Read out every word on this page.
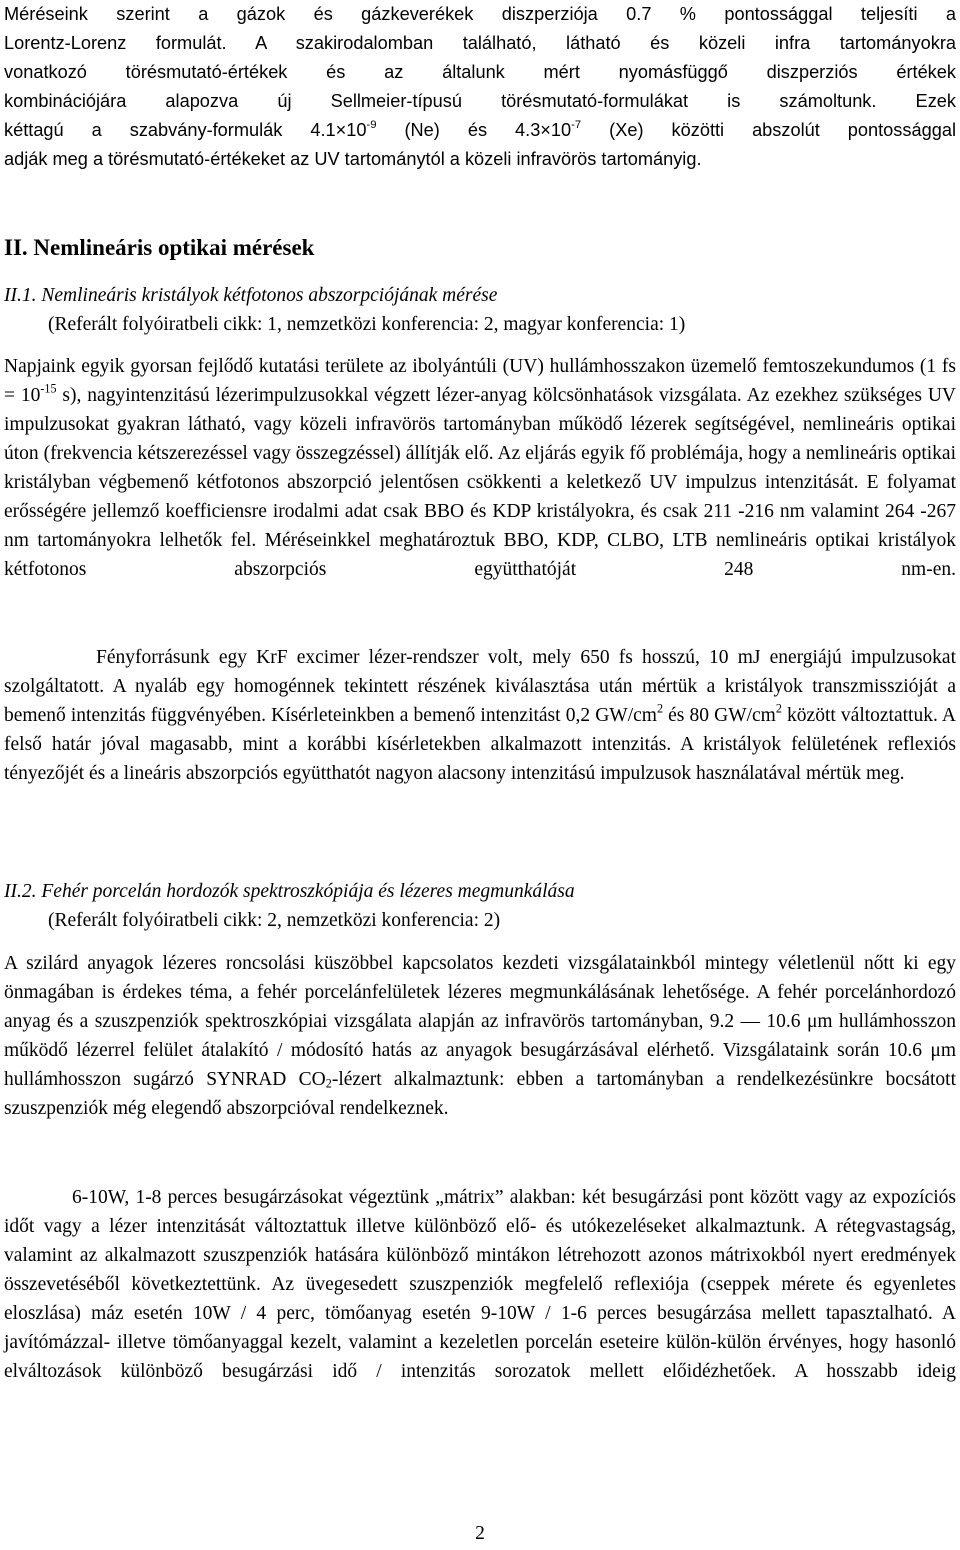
Méréseink szerint a gázok és gázkeverékek diszperziója 0.7 % pontossággal teljesíti a
Lorentz-Lorenz formulát. A szakirodalomban található, látható és közeli infra tartományokra
vonatkozó törésmutató-értékek és az általunk mért nyomásfüggő diszperziós értékek
kombinációjára alapozva új Sellmeier-típusú törésmutató-formulákat is számoltunk. Ezek
kéttagú a szabvány-formulák $4.1\times 10^{-9}$ (Ne) és $4.3\times 10^{-7}$ (Xe) közötti abszolút pontossággal
adják meg a törésmutató-értékeket az UV tartománytól a közeli infravörös tartományig.
II. Nemlineáris optikai mérések
II.1. Nemlineáris kristályok kétfotonos abszorpciójának mérése
(Referált folyóiratbeli cikk: 1, nemzetközi konferencia: 2, magyar konferencia: 1)
Napjaink egyik gyorsan fejlődő kutatási területe az ibolyántúli (UV) hullámhosszakon üzemelő femtoszekundumos (1 fs = $10^{-15}$ s), nagyintenzitású lézerimpulzusokkal végzett lézer-anyag kölcsönhatások vizsgálata. Az ezekhez szükséges UV impulzusokat gyakran látható, vagy közeli infravörös tartományban működő lézerek segítségével, nemlineáris optikai úton (frekvencia kétszerezéssel vagy összegzéssel) állítják elő. Az eljárás egyik fő problémája, hogy a nemlineáris optikai kristályban végbemenő kétfotonos abszorpció jelentősen csökkenti a keletkező UV impulzus intenzitását. E folyamat erősségére jellemző koefficiensre irodalmi adat csak BBO és KDP kristályokra, és csak 211 -216 nm valamint 264 -267 nm tartományokra lelhetők fel. Méréseinkkel meghatároztuk BBO, KDP, CLBO, LTB nemlineáris optikai kristályok kétfotonos abszorpciós együtthatóját 248 nm-en.
Fényforrásunk egy KrF excimer lézer-rendszer volt, mely 650 fs hosszú, 10 mJ energiájú impulzusokat szolgáltatott. A nyaláb egy homogénnek tekintett részének kiválasztása után mértük a kristályok transzmisszióját a bemenő intenzitás függvényében. Kísérleteinkben a bemenő intenzitást 0,2 $GW/cm^2$ és 80 $GW/cm^2$ között változtattuk. A felső határ jóval magasabb, mint a korábbi kísérletekben alkalmazott intenzitás. A kristályok felületének reflexiós tényezőjét és a lineáris abszorpciós együtthatót nagyon alacsony intenzitású impulzusok használatával mértük meg.
II.2. Fehér porcelán hordozók spektroszkópiája és lézeres megmunkálása
(Referált folyóiratbeli cikk: 2, nemzetközi konferencia: 2)
A szilárd anyagok lézeres roncsolási küszöbbel kapcsolatos kezdeti vizsgálatainkból mintegy véletlenül nőtt ki egy önmagában is érdekes téma, a fehér porcelánfelületek lézeres megmunkálásának lehetősége. A fehér porcelánhordozó anyag és a szuszpenziók spektroszkópiai vizsgálata alapján az infravörös tartományban, 9.2 — 10.6 μm hullámhosszon működő lézerrel felület átalakító / módosító hatás az anyagok besugárzásával elérhető. Vizsgálataink során 10.6 μm hullámhosszon sugárzó SYNRAD $CO_2$-lézert alkalmaztunk: ebben a tartományban a rendelkezésünkre bocsátott szuszpenziók még elegendő abszorpcióval rendelkeznek.
6-10W, 1-8 perces besugárzásokat végeztünk „mátrix” alakban: két besugárzási pont között vagy az expozíciós időt vagy a lézer intenzitását változtattuk illetve különböző elő- és utókezeléseket alkalmaztunk. A rétegvastagság, valamint az alkalmazott szuszpenziók hatására különböző mintákon létrehozott azonos mátrixokból nyert eredmények összevetéséből következtettünk. Az üvegesedett szuszpenziók megfelelő reflexiója (cseppek mérete és egyenletes eloszlása) máz esetén 10W / 4 perc, tömőanyag esetén 9-10W / 1-6 perces besugárzása mellett tapasztalható. A javítómázzal- illetve tömőanyaggal kezelt, valamint a kezeletlen porcelán eseteire külön-külön érvényes, hogy hasonló elváltozások különböző besugárzási idő / intenzitás sorozatok mellett előidézhetőek. A hosszabb ideig
2
